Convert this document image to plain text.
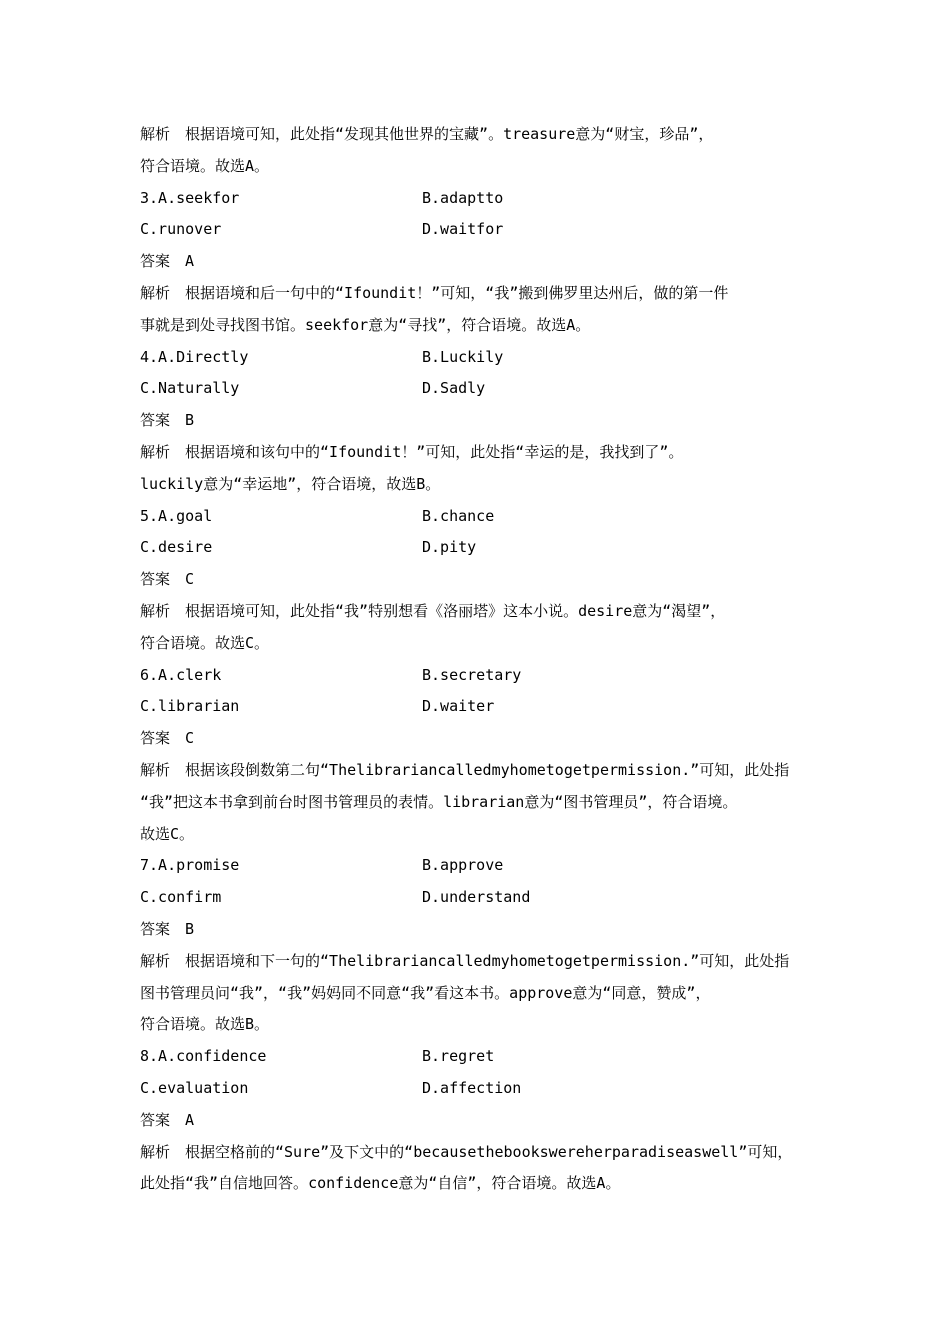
解析　根据语境可知，此处指“发现其他世界的宝藏”。treasure意为“财宝，珍品”，
符合语境。故选A。
3.A.seekfor	B.adaptto
C.runover	D.waitfor
答案　A
解析　根据语境和后一句中的“Ifoundit！”可知，“我”搬到佛罗里达州后，做的第一件
事就是到处寻找图书馆。seekfor意为“寻找”，符合语境。故选A。
4.A.Directly	B.Luckily
C.Naturally	D.Sadly
答案　B
解析　根据语境和该句中的“Ifoundit！”可知，此处指“幸运的是，我找到了”。
luckily意为“幸运地”，符合语境，故选B。
5.A.goal	B.chance
C.desire	D.pity
答案　C
解析　根据语境可知，此处指“我”特别想看《洛丽塔》这本小说。desire意为“渴望”，
符合语境。故选C。
6.A.clerk	B.secretary
C.librarian	D.waiter
答案　C
解析　根据该段倒数第二句“Thelibrariancalledmyhometogetpermission.”可知，此处指
“我”把这本书拿到前台时图书管理员的表情。librarian意为“图书管理员”，符合语境。
故选C。
7.A.promise	B.approve
C.confirm	D.understand
答案　B
解析　根据语境和下一句的“Thelibrariancalledmyhometogetpermission.”可知，此处指
图书管理员问“我”，“我”妈妈同不同意“我”看这本书。approve意为“同意，赞成”，
符合语境。故选B。
8.A.confidence	B.regret
C.evaluation	D.affection
答案　A
解析　根据空格前的“Sure”及下文中的“becausethebookswereherparadiseaswell”可知，
此处指“我”自信地回答。confidence意为“自信”，符合语境。故选A。
